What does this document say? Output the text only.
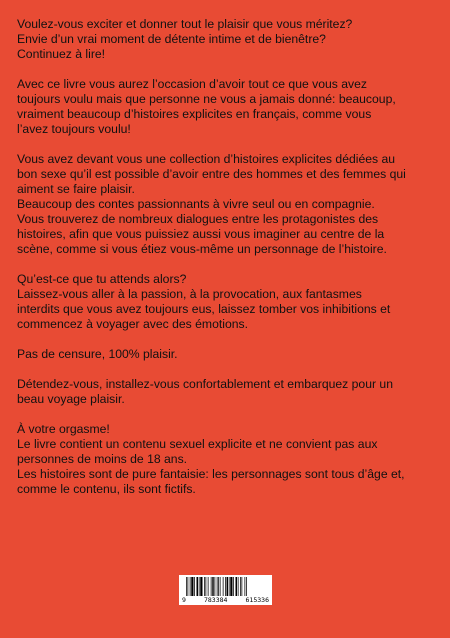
Voulez-vous exciter et donner tout le plaisir que vous méritez?
Envie d’un vrai moment de détente intime et de bienêtre?
Continuez à lire!

Avec ce livre vous aurez l’occasion d’avoir tout ce que vous avez
toujours voulu mais que personne ne vous a jamais donné: beaucoup,
vraiment beaucoup d’histoires explicites en français, comme vous
l’avez toujours voulu!

Vous avez devant vous une collection d’histoires explicites dédiées au
bon sexe qu’il est possible d’avoir entre des hommes et des femmes qui
aiment se faire plaisir.
Beaucoup des contes passionnants à vivre seul ou en compagnie.
Vous trouverez de nombreux dialogues entre les protagonistes des
histoires, afin que vous puissiez aussi vous imaginer au centre de la
scène, comme si vous étiez vous-même un personnage de l’histoire.

Qu’est-ce que tu attends alors?
Laissez-vous aller à la passion, à la provocation, aux fantasmes
interdits que vous avez toujours eus, laissez tomber vos inhibitions et
commencez à voyager avec des émotions.

Pas de censure, 100% plaisir.

Détendez-vous, installez-vous confortablement et embarquez pour un
beau voyage plaisir.

À votre orgasme!
Le livre contient un contenu sexuel explicite et ne convient pas aux
personnes de moins de 18 ans.
Les histoires sont de pure fantaisie: les personnages sont tous d’âge et,
comme le contenu, ils sont fictifs.

9	783384	615336
